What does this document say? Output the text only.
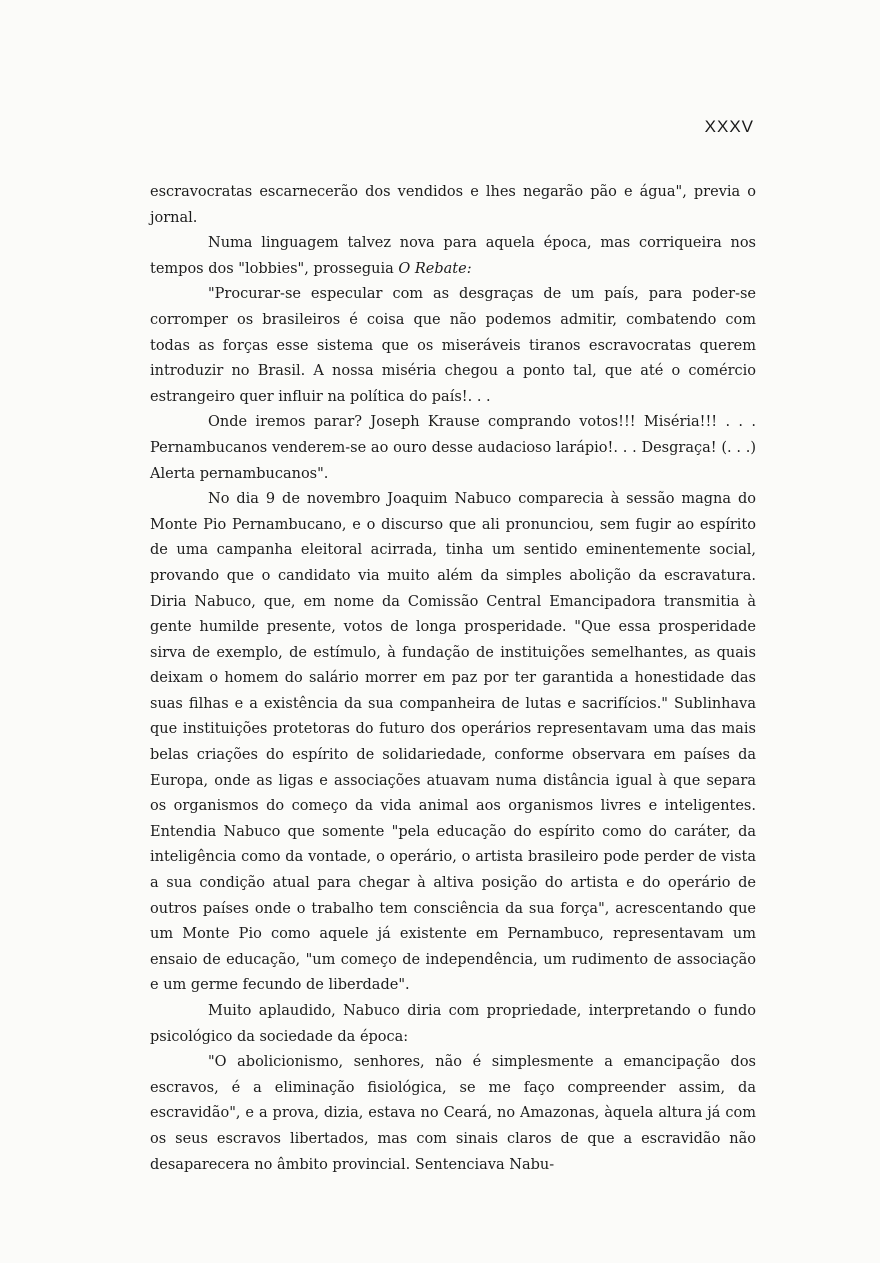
XXXV

escravocratas escarnecerão dos vendidos e lhes negarão pão e água", previa o jornal.

Numa linguagem talvez nova para aquela época, mas corriqueira nos tempos dos "lobbies", prosseguia O Rebate:

"Procurar-se especular com as desgraças de um país, para poder-se corromper os brasileiros é coisa que não podemos admitir, combatendo com todas as forças esse sistema que os miseráveis tiranos escravocratas querem introduzir no Brasil. A nossa miséria chegou a ponto tal, que até o comércio estrangeiro quer influir na política do país!. . .

Onde iremos parar? Joseph Krause comprando votos!!! Miséria!!! . . . Pernambucanos venderem-se ao ouro desse audacioso larápio!. . . Desgraça! (. . .) Alerta pernambucanos".

No dia 9 de novembro Joaquim Nabuco comparecia à sessão magna do Monte Pio Pernambucano, e o discurso que ali pronunciou, sem fugir ao espírito de uma campanha eleitoral acirrada, tinha um sentido eminentemente social, provando que o candidato via muito além da simples abolição da escravatura. Diria Nabuco, que, em nome da Comissão Central Emancipadora transmitia à gente humilde presente, votos de longa prosperidade. "Que essa prosperidade sirva de exemplo, de estímulo, à fundação de instituições semelhantes, as quais deixam o homem do salário morrer em paz por ter garantida a honestidade das suas filhas e a existência da sua companheira de lutas e sacrifícios." Sublinhava que instituições protetoras do futuro dos operários representavam uma das mais belas criações do espírito de solidariedade, conforme observara em países da Europa, onde as ligas e associações atuavam numa distância igual à que separa os organismos do começo da vida animal aos organismos livres e inteligentes. Entendia Nabuco que somente "pela educação do espírito como do caráter, da inteligência como da vontade, o operário, o artista brasileiro pode perder de vista a sua condição atual para chegar à altiva posição do artista e do operário de outros países onde o trabalho tem consciência da sua força", acrescentando que um Monte Pio como aquele já existente em Pernambuco, representavam um ensaio de educação, "um começo de independência, um rudimento de associação e um germe fecundo de liberdade".

Muito aplaudido, Nabuco diria com propriedade, interpretando o fundo psicológico da sociedade da época:

"O abolicionismo, senhores, não é simplesmente a emancipação dos escravos, é a eliminação fisiológica, se me faço compreender assim, da escravidão", e a prova, dizia, estava no Ceará, no Amazonas, àquela altura já com os seus escravos libertados, mas com sinais claros de que a escravidão não desaparecera no âmbito provincial. Sentenciava Nabu-
